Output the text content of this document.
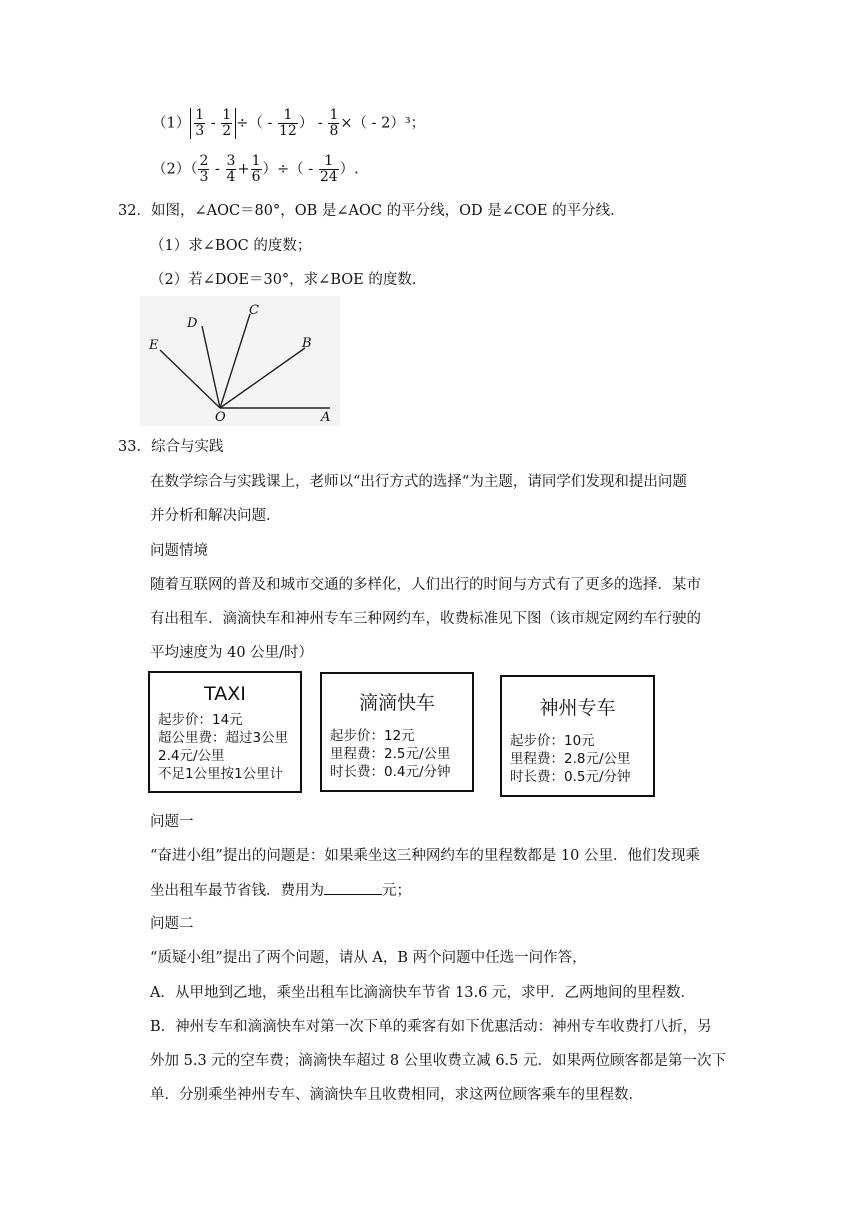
$(1) \frac{1}{3} - \frac{1}{2}$ ÷（ - $\frac{1}{12}$ ） - $\frac{1}{8}$ ×（ - 2）³；
$(2)( \frac{2}{3} - \frac{3}{4} + \frac{1}{6}$ ）÷（ - $\frac{1}{24}$ ）.
32．如图，∠AOC＝80°，OB 是∠AOC 的平分线，OD 是∠COE 的平分线．
（1）求∠BOC 的度数；
（2）若∠DOE＝30°，求∠BOE 的度数．
E
D
C
B
O	A
33．综合与实践
在数学综合与实践课上，老师以“出行方式的选择“为主题，请同学们发现和提出问题
并分析和解决问题．
问题情境
随着互联网的普及和城市交通的多样化，人们出行的时间与方式有了更多的选择．某市
有出租车．滴滴快车和神州专车三种网约车，收费标准见下图（该市规定网约车行驶的
平均速度为 40 公里/时）
TAXI
起步价：14元
超公里费：超过3公里
2.4元/公里
不足1公里按1公里计
滴滴快车
起步价：12元
里程费：2.5元/公里
时长费：0.4元/分钟
神州专车
起步价：10元
里程费：2.8元/公里
时长费：0.5元/分钟
问题一
“奋进小组”提出的问题是：如果乘坐这三种网约车的里程数都是 10 公里．他们发现乘
坐出租车最节省钱．费用为	元；
问题二
“质疑小组”提出了两个问题，请从 A，B 两个问题中任选一问作答，
A．从甲地到乙地，乘坐出租车比滴滴快车节省 13.6 元，求甲．乙两地间的里程数．
B．神州专车和滴滴快车对第一次下单的乘客有如下优惠活动：神州专车收费打八折，另
外加 5.3 元的空车费；滴滴快车超过 8 公里收费立减 6.5 元．如果两位顾客都是第一次下
单．分别乘坐神州专车、滴滴快车且收费相同，求这两位顾客乘车的里程数．
